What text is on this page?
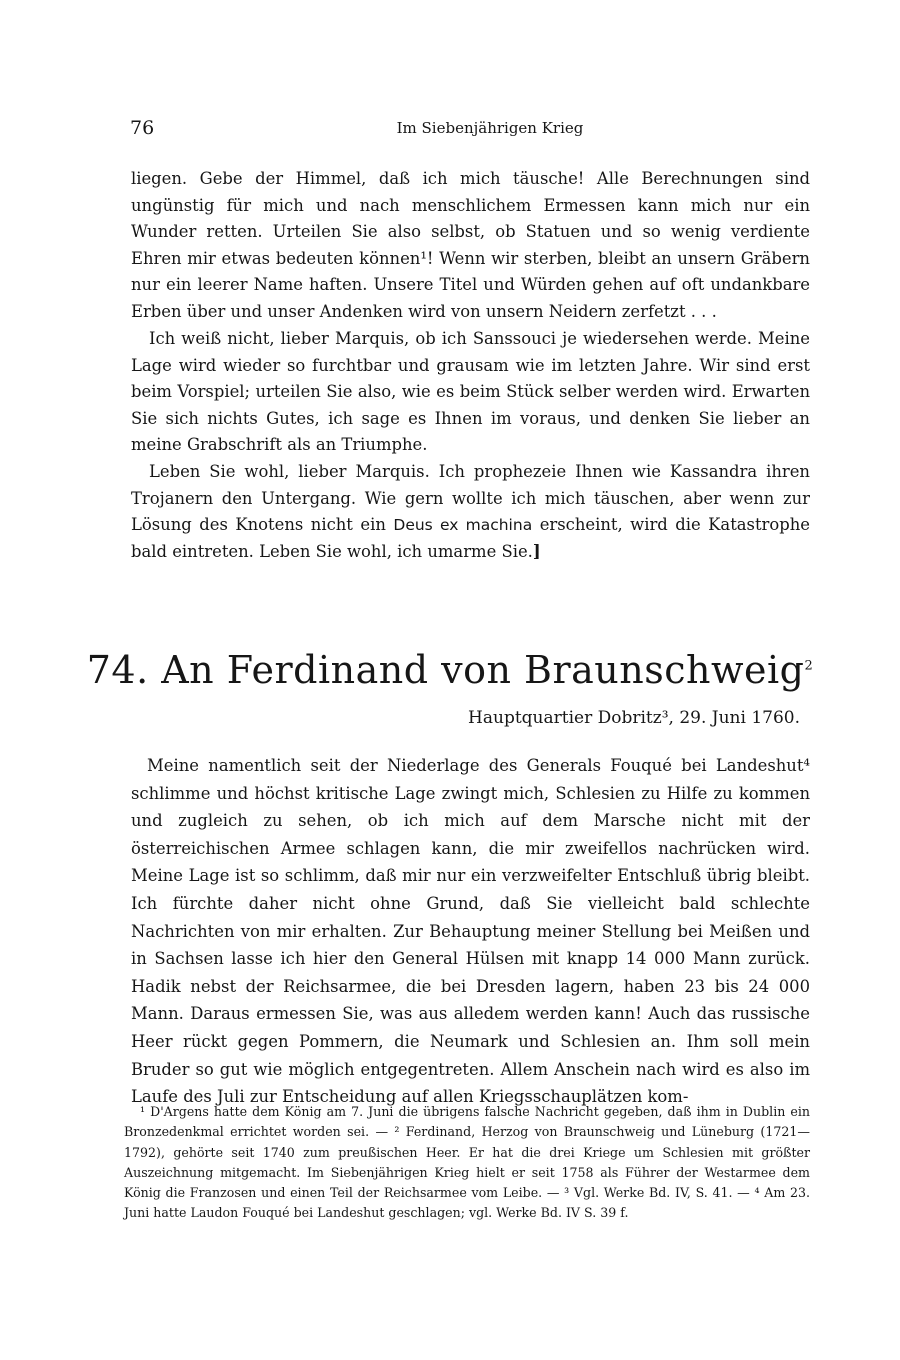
76	Im Siebenjährigen Krieg

liegen. Gebe der Himmel, daß ich mich täusche! Alle Berechnungen sind ungünstig für mich und nach menschlichem Ermessen kann mich nur ein Wunder retten. Urteilen Sie also selbst, ob Statuen und so wenig verdiente Ehren mir etwas bedeuten können¹! Wenn wir sterben, bleibt an unsern Gräbern nur ein leerer Name haften. Unsere Titel und Würden gehen auf oft undankbare Erben über und unser Andenken wird von unsern Neidern zerfetzt . . .

Ich weiß nicht, lieber Marquis, ob ich Sanssouci je wiedersehen werde. Meine Lage wird wieder so furchtbar und grausam wie im letzten Jahre. Wir sind erst beim Vorspiel; urteilen Sie also, wie es beim Stück selber werden wird. Erwarten Sie sich nichts Gutes, ich sage es Ihnen im voraus, und denken Sie lieber an meine Grabschrift als an Triumphe.

Leben Sie wohl, lieber Marquis. Ich prophezeie Ihnen wie Kassandra ihren Trojanern den Untergang. Wie gern wollte ich mich täuschen, aber wenn zur Lösung des Knotens nicht ein Deus ex machina erscheint, wird die Katastrophe bald eintreten. Leben Sie wohl, ich umarme Sie.]

74. An Ferdinand von Braunschweig$^2$
Hauptquartier Dobritz³, 29. Juni 1760.

Meine namentlich seit der Niederlage des Generals Fouqué bei Landeshut⁴ schlimme und höchst kritische Lage zwingt mich, Schlesien zu Hilfe zu kommen und zugleich zu sehen, ob ich mich auf dem Marsche nicht mit der österreichischen Armee schlagen kann, die mir zweifellos nachrücken wird. Meine Lage ist so schlimm, daß mir nur ein verzweifelter Entschluß übrig bleibt. Ich fürchte daher nicht ohne Grund, daß Sie vielleicht bald schlechte Nachrichten von mir erhalten. Zur Behauptung meiner Stellung bei Meißen und in Sachsen lasse ich hier den General Hülsen mit knapp 14 000 Mann zurück. Hadik nebst der Reichsarmee, die bei Dresden lagern, haben 23 bis 24 000 Mann. Daraus ermessen Sie, was aus alledem werden kann! Auch das russische Heer rückt gegen Pommern, die Neumark und Schlesien an. Ihm soll mein Bruder so gut wie möglich entgegentreten. Allem Anschein nach wird es also im Laufe des Juli zur Entscheidung auf allen Kriegsschauplätzen kom-

¹ D'Argens hatte dem König am 7. Juni die übrigens falsche Nachricht gegeben, daß ihm in Dublin ein Bronzedenkmal errichtet worden sei. — ² Ferdinand, Herzog von Braunschweig und Lüneburg (1721—1792), gehörte seit 1740 zum preußischen Heer. Er hat die drei Kriege um Schlesien mit größter Auszeichnung mitgemacht. Im Siebenjährigen Krieg hielt er seit 1758 als Führer der Westarmee dem König die Franzosen und einen Teil der Reichsarmee vom Leibe. — ³ Vgl. Werke Bd. IV, S. 41. — ⁴ Am 23. Juni hatte Laudon Fouqué bei Landeshut geschlagen; vgl. Werke Bd. IV S. 39 f.
